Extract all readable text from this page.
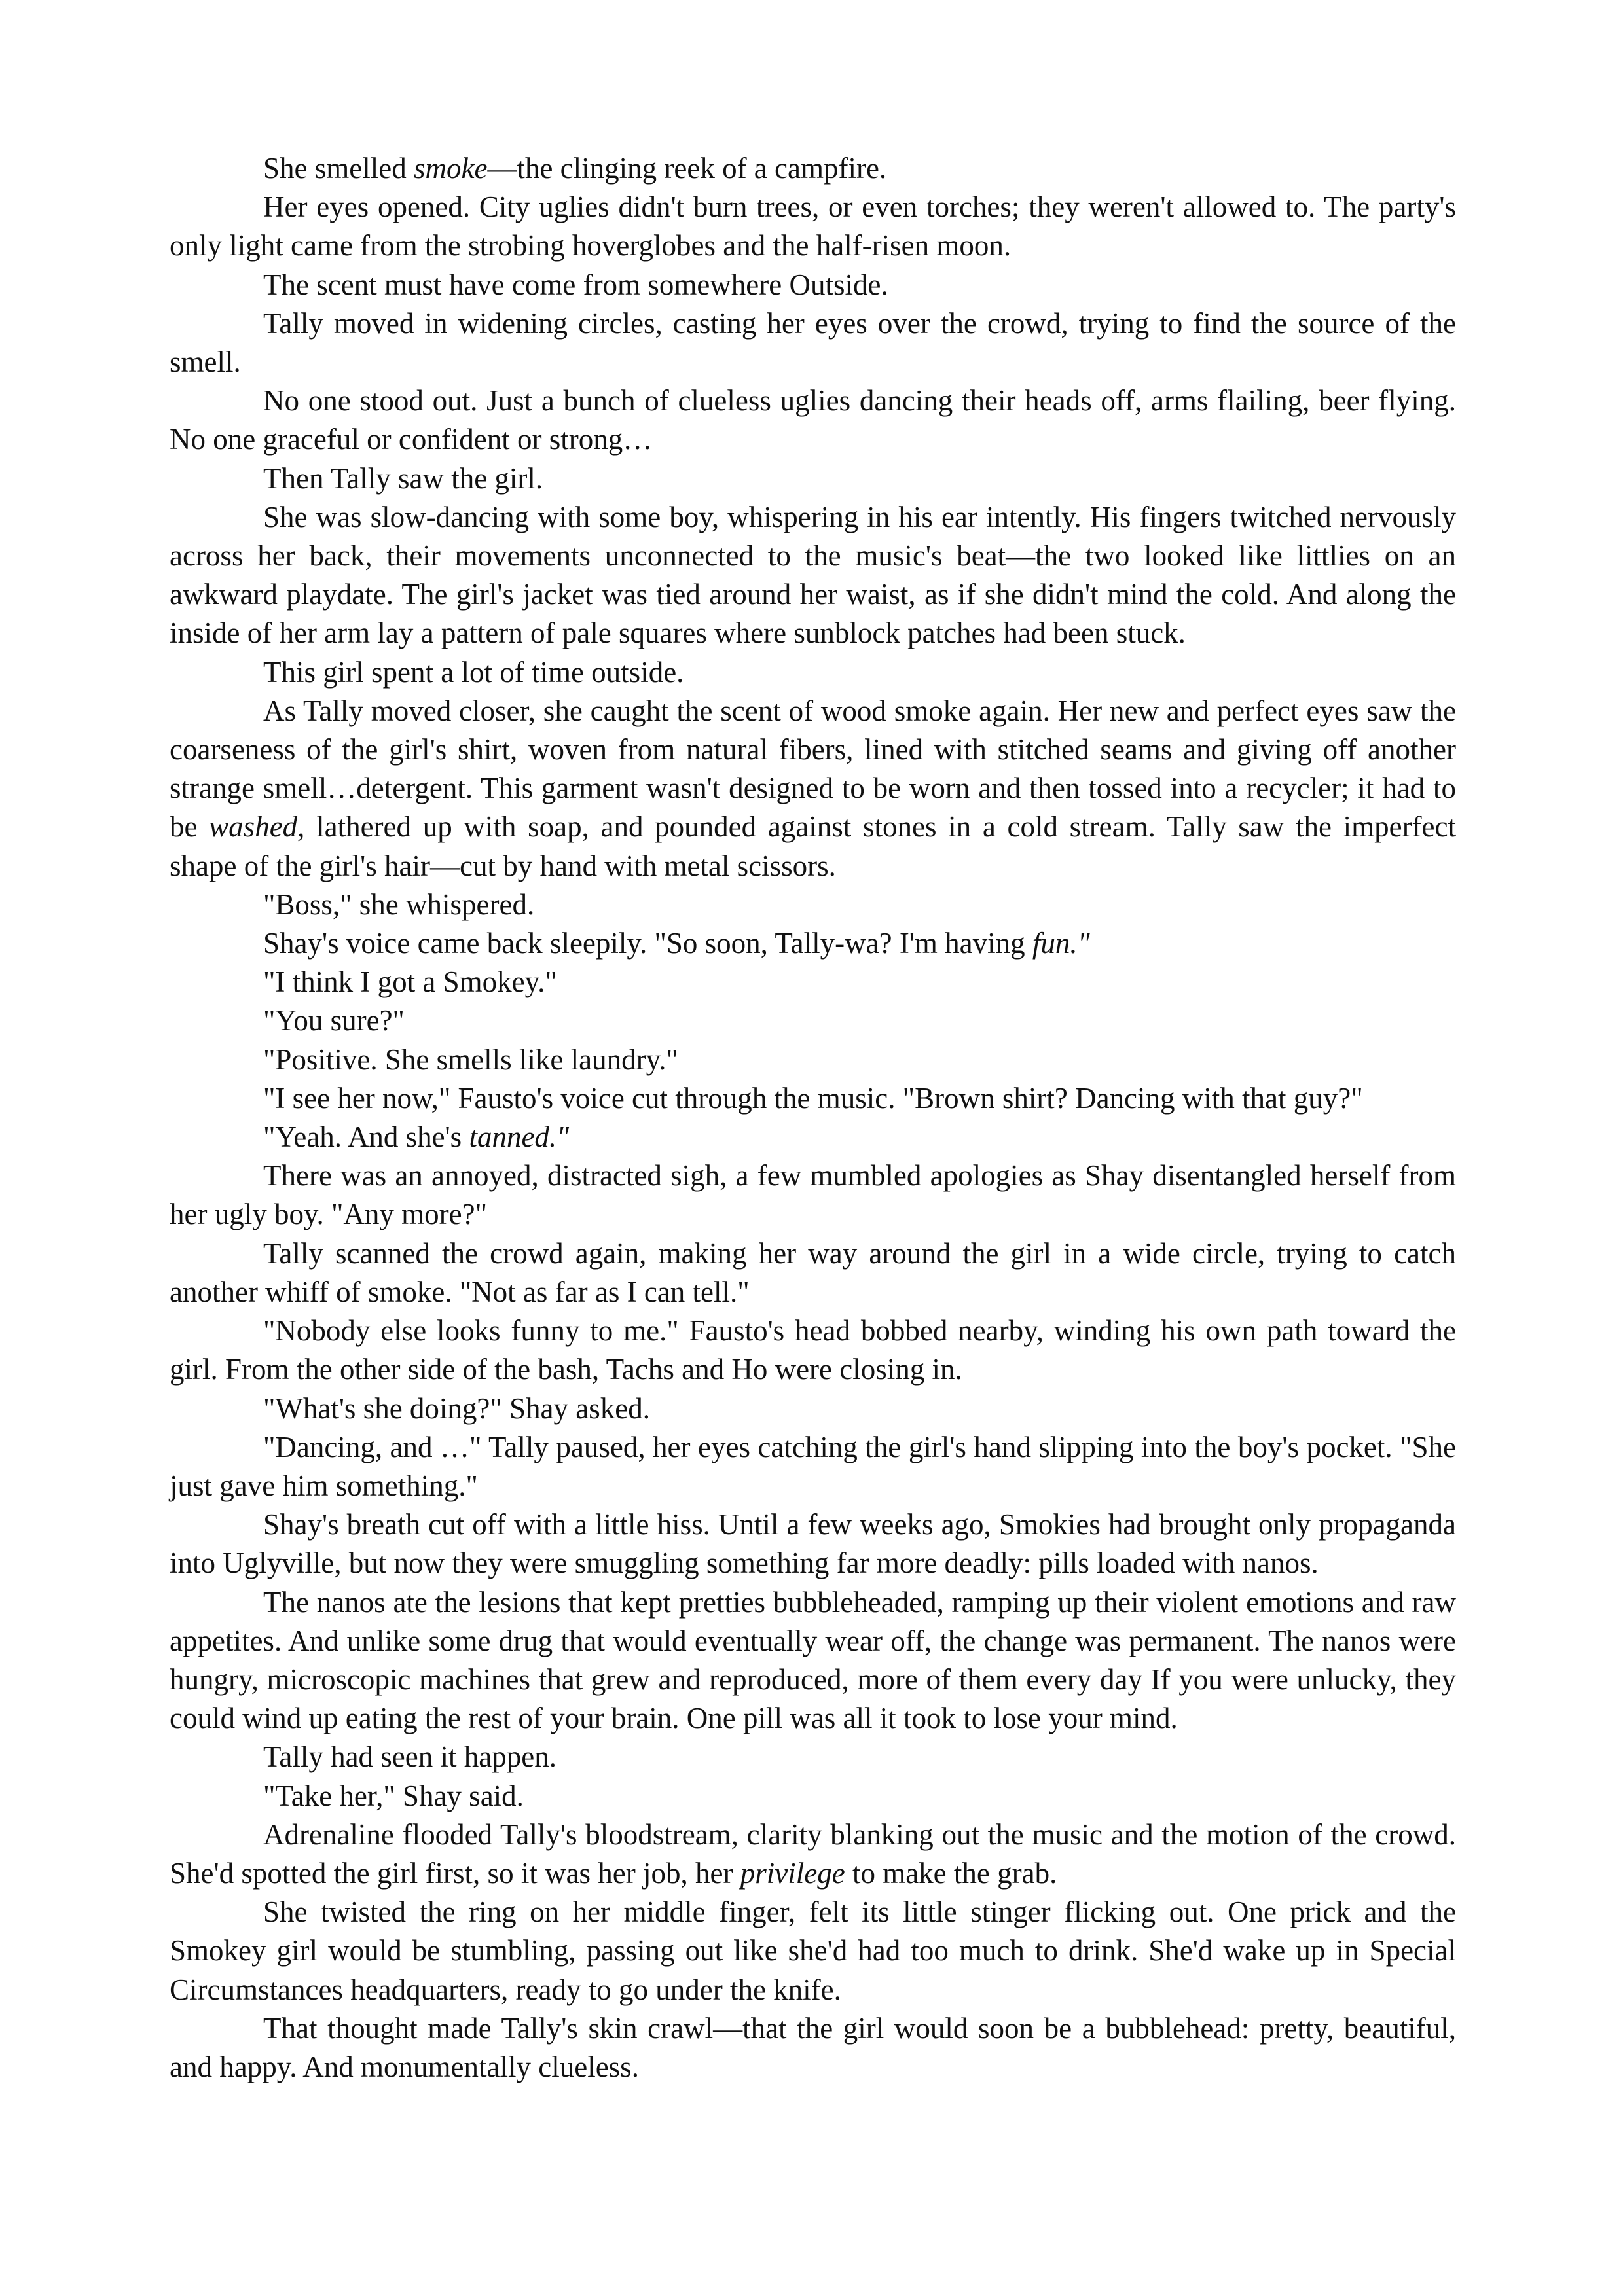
She smelled smoke—the clinging reek of a campfire.

Her eyes opened. City uglies didn't burn trees, or even torches; they weren't allowed to. The party's only light came from the strobing hoverglobes and the half-risen moon.

The scent must have come from somewhere Outside.

Tally moved in widening circles, casting her eyes over the crowd, trying to find the source of the smell.

No one stood out. Just a bunch of clueless uglies dancing their heads off, arms flailing, beer flying. No one graceful or confident or strong…

Then Tally saw the girl.

She was slow-dancing with some boy, whispering in his ear intently. His fingers twitched nervously across her back, their movements unconnected to the music's beat—the two looked like littlies on an awkward playdate. The girl's jacket was tied around her waist, as if she didn't mind the cold. And along the inside of her arm lay a pattern of pale squares where sunblock patches had been stuck.

This girl spent a lot of time outside.

As Tally moved closer, she caught the scent of wood smoke again. Her new and perfect eyes saw the coarseness of the girl's shirt, woven from natural fibers, lined with stitched seams and giving off another strange smell…detergent. This garment wasn't designed to be worn and then tossed into a recycler; it had to be washed, lathered up with soap, and pounded against stones in a cold stream. Tally saw the imperfect shape of the girl's hair—cut by hand with metal scissors.

"Boss," she whispered.

Shay's voice came back sleepily. "So soon, Tally-wa? I'm having fun."

"I think I got a Smokey."

"You sure?"

"Positive. She smells like laundry."

"I see her now," Fausto's voice cut through the music. "Brown shirt? Dancing with that guy?"

"Yeah. And she's tanned."

There was an annoyed, distracted sigh, a few mumbled apologies as Shay disentangled herself from her ugly boy. "Any more?"

Tally scanned the crowd again, making her way around the girl in a wide circle, trying to catch another whiff of smoke. "Not as far as I can tell."

"Nobody else looks funny to me." Fausto's head bobbed nearby, winding his own path toward the girl. From the other side of the bash, Tachs and Ho were closing in.

"What's she doing?" Shay asked.

"Dancing, and …" Tally paused, her eyes catching the girl's hand slipping into the boy's pocket. "She just gave him something."

Shay's breath cut off with a little hiss. Until a few weeks ago, Smokies had brought only propaganda into Uglyville, but now they were smuggling something far more deadly: pills loaded with nanos.

The nanos ate the lesions that kept pretties bubbleheaded, ramping up their violent emotions and raw appetites. And unlike some drug that would eventually wear off, the change was permanent. The nanos were hungry, microscopic machines that grew and reproduced, more of them every day If you were unlucky, they could wind up eating the rest of your brain. One pill was all it took to lose your mind.

Tally had seen it happen.

"Take her," Shay said.

Adrenaline flooded Tally's bloodstream, clarity blanking out the music and the motion of the crowd. She'd spotted the girl first, so it was her job, her privilege to make the grab.

She twisted the ring on her middle finger, felt its little stinger flicking out. One prick and the Smokey girl would be stumbling, passing out like she'd had too much to drink. She'd wake up in Special Circumstances headquarters, ready to go under the knife.

That thought made Tally's skin crawl—that the girl would soon be a bubblehead: pretty, beautiful, and happy. And monumentally clueless.
